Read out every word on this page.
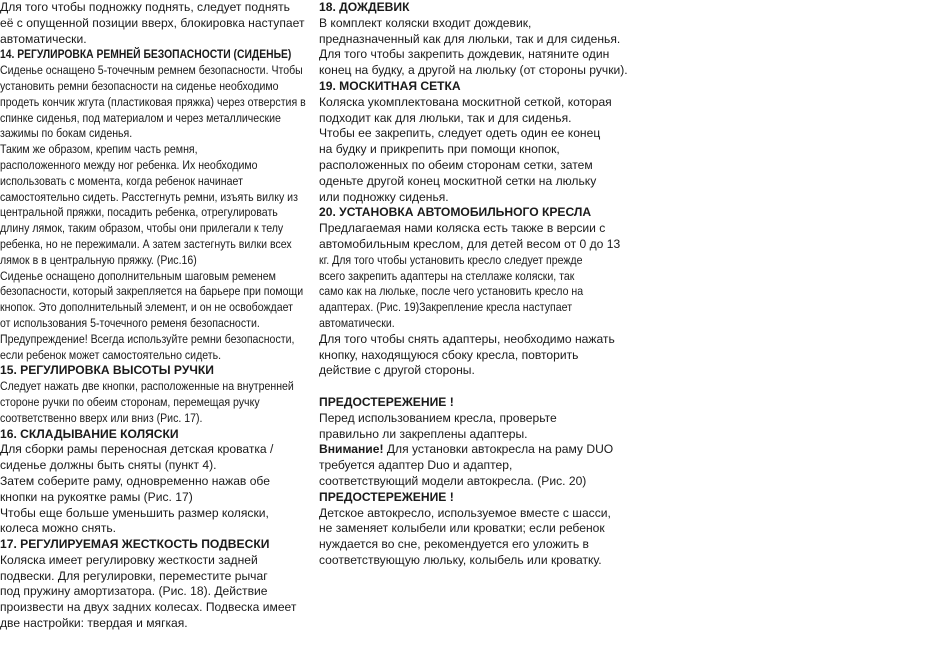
Для того чтобы подножку поднять, следует поднять
её с опущенной позиции вверх, блокировка наступает
автоматически.
14. РЕГУЛИРОВКА РЕМНЕЙ БЕЗОПАСНОСТИ (СИДЕНЬЕ)
Сиденье оснащено 5-точечным ремнем безопасности. Чтобы
установить ремни безопасности на сиденье необходимо
продеть кончик жгута (пластиковая пряжка) через отверстия в
спинке сиденья, под материалом и через металлические
зажимы по бокам сиденья.
Таким же образом, крепим часть ремня,
расположенного между ног ребенка. Их необходимо
использовать с момента, когда ребенок начинает
самостоятельно сидеть. Расстегнуть ремни, изъять вилку из
центральной пряжки, посадить ребенка, отрегулировать
длину лямок, таким образом, чтобы они прилегали к телу
ребенка, но не пережимали. А затем застегнуть вилки всех
лямок в в центральную пряжку. (Рис.16)
Сиденье оснащено дополнительным шаговым ременем
безопасности, который закрепляется на барьере при помощи
кнопок. Это дополнительный элемент, и он не освобождает
от использования 5-точечного ременя безопасности.
Предупреждение! Всегда используйте ремни безопасности,
если ребенок может самостоятельно сидеть.
15. РЕГУЛИРОВКА ВЫСОТЫ РУЧКИ
Следует нажать две кнопки, расположенные на внутренней
стороне ручки по обеим сторонам, перемещая ручку
соответственно вверх или вниз (Рис. 17).
16. СКЛАДЫВАНИЕ КОЛЯСКИ
Для сборки рамы переносная детская кроватка /
сиденье должны быть сняты (пункт 4).
Затем соберите раму, одновременно нажав обе
кнопки на рукоятке рамы (Рис. 17)
Чтобы еще больше уменьшить размер коляски,
колеса можно снять.
17. РЕГУЛИРУЕМАЯ ЖЕСТКОСТЬ ПОДВЕСКИ
Коляска имеет регулировку жесткости задней
подвески. Для регулировки, переместите рычаг
под пружину амортизатора. (Рис. 18). Действие
произвести на двух задних колесах. Подвеска имеет
две настройки: твердая и мягкая.
18. ДОЖДЕВИК
В комплект коляски входит дождевик,
предназначенный как для люльки, так и для сиденья.
Для того чтобы закрепить дождевик, натяните один
конец на будку, а другой на люльку (от стороны ручки).
19. МОСКИТНАЯ СЕТКА
Коляска укомплектована москитной сеткой, которая
подходит как для люльки, так и для сиденья.
Чтобы ее закрепить, следует одеть один ее конец
на будку и прикрепить при помощи кнопок,
расположенных по обеим сторонам сетки, затем
оденьте другой конец москитной сетки на люльку
или подножку сиденья.
20. УСТАНОВКА АВТОМОБИЛЬНОГО КРЕСЛА
Предлагаемая нами коляска есть также в версии с
автомобильным креслом, для детей весом от 0 до 13
кг. Для того чтобы установить кресло следует прежде
всего закрепить адаптеры на стеллаже коляски, так
само как на люльке, после чего установить кресло на
адаптерах. (Рис. 19)Закрепление кресла наступает
автоматически.
Для того чтобы снять адаптеры, необходимо нажать
кнопку, находящуюся сбоку кресла, повторить
действие с другой стороны.
ПРЕДОСТЕРЕЖЕНИЕ !
Перед использованием кресла, проверьте
правильно ли закреплены адаптеры.
Внимание! Для установки автокресла на раму DUO
требуется адаптер Duo и адаптер,
соответствующий модели автокресла. (Рис. 20)
ПРЕДОСТЕРЕЖЕНИЕ !
Детское автокресло, используемое вместе с шасси,
не заменяет колыбели или кроватки; если ребенок
нуждается во сне, рекомендуется его уложить в
соответствующую люльку, колыбель или кроватку.
